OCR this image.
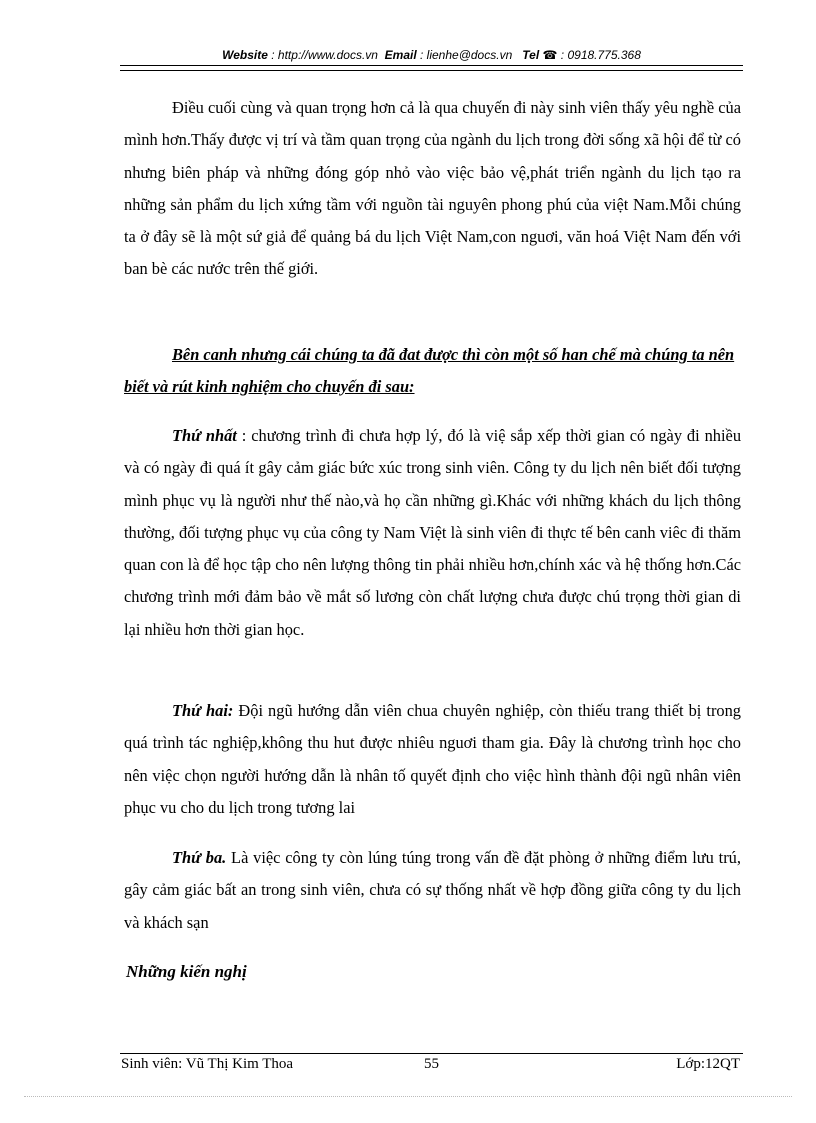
Website : http://www.docs.vn Email : lienhe@docs.vn Tel ☎ : 0918.775.368

Điều cuối cùng và quan trọng hơn cả là qua chuyến đi này sinh viên thấy yêu nghề của mình hơn.Thấy được vị trí và tầm quan trọng của ngành du lịch trong đời sống xã hội để từ có nhưng biên pháp và những đóng góp nhỏ vào việc bảo vệ,phát triển ngành du lịch tạo ra những sản phẩm du lịch xứng tầm với nguồn tài nguyên phong phú của việt Nam.Mỗi chúng ta ở đây sẽ là một sứ giả để quảng bá du lịch Việt Nam,con nguơi, văn hoá Việt Nam đến với ban bè các nước trên thế giới.

Bên canh nhưng cái chúng ta đã đat được thì còn một số han chế mà chúng ta nên biết và rút kinh nghiệm cho chuyến đi sau:

Thứ nhất : chương trình đi chưa hợp lý, đó là việ sắp xếp thời gian có ngày đi nhiều và có ngày đi quá ít gây cảm giác bức xúc trong sinh viên. Công ty du lịch nên biết đối tượng mình phục vụ là người như thế nào,và họ cần những gì.Khác với những khách du lịch thông thường, đối tượng phục vụ của công ty Nam Việt là sinh viên đi thực tế bên canh viêc đi thăm quan con là để học tập cho nên lượng thông tin phải nhiều hơn,chính xác và hệ thống hơn.Các chương trình mới đảm bảo về mắt số lương còn chất lượng chưa được chú trọng thời gian di lại nhiều hơn thời gian học.

Thứ hai: Đội ngũ hướng dẫn viên chua chuyên nghiệp, còn thiếu trang thiết bị trong quá trình tác nghiệp,không thu hut được nhiêu nguơi tham gia. Đây là chương trình học cho nên việc chọn người hướng dẫn là nhân tố quyết định cho việc hình thành đội ngũ nhân viên phục vu cho du lịch trong tương lai

Thứ ba. Là việc công ty còn lúng túng trong vấn đề đặt phòng ở những điểm lưu trú, gây cảm giác bất an trong sinh viên, chưa có sự thống nhất về hợp đồng giữa công ty du lịch và khách sạn

Những kiến nghị

Sinh viên: Vũ Thị Kim Thoa	55	Lớp:12QT
